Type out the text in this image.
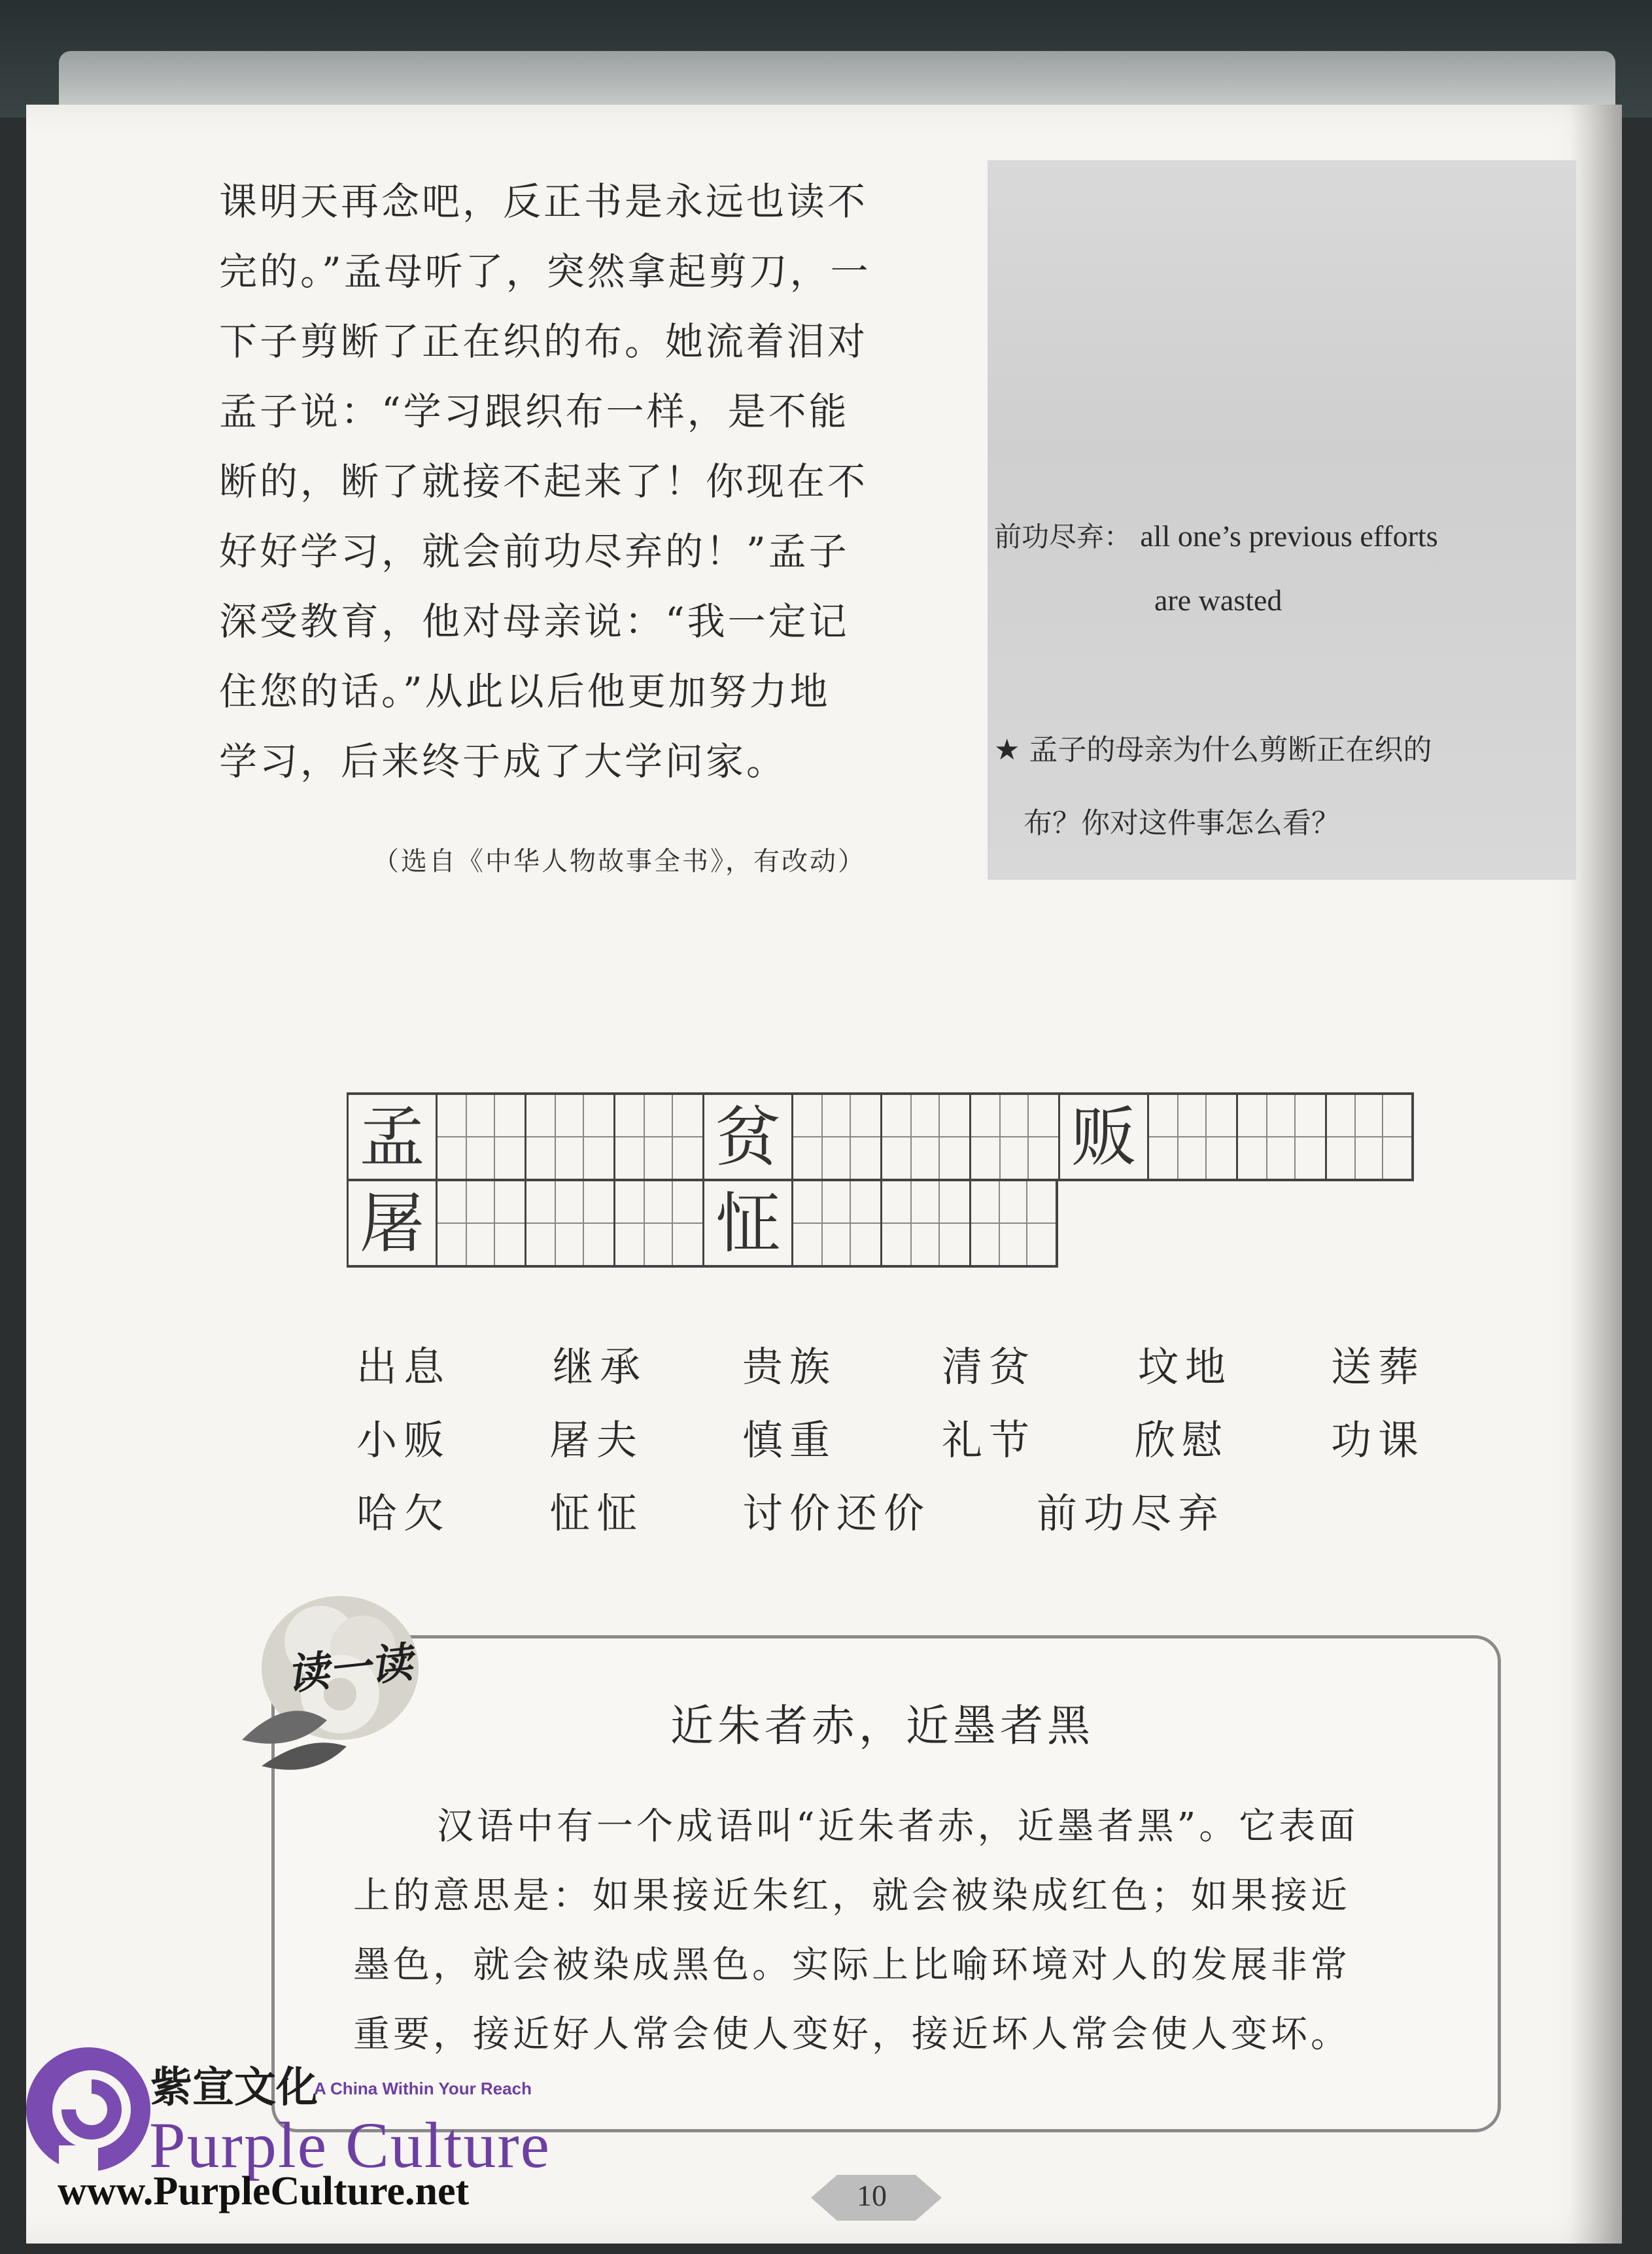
课明天再念吧，反正书是永远也读不

完的。”孟母听了，突然拿起剪刀，一

下子剪断了正在织的布。她流着泪对

孟子说：“学习跟织布一样，是不能

断的，断了就接不起来了！你现在不

好好学习，就会前功尽弃的！”孟子

深受教育，他对母亲说：“我一定记

住您的话。”从此以后他更加努力地

学习，后来终于成了大学问家。

（选自《中华人物故事全书》，有改动）
前功尽弃： all one’s previous efforts
are wasted
★ 孟子的母亲为什么剪断正在织的
布？你对这件事怎么看？
孟	贫	贩
屠	怔
出息	继承 贵族	清贫	坟地 送葬
小贩 屠夫 慎重	礼节 欣慰	功课
哈欠 怔怔 讨价还价	前功尽弃
读一读
近朱者赤，近墨者黑

汉语中有一个成语叫“近朱者赤，近墨者黑”。它表面

上的意思是：如果接近朱红，就会被染成红色；如果接近

墨色，就会被染成黑色。实际上比喻环境对人的发展非常

重要，接近好人常会使人变好，接近坏人常会使人变坏。

紫宣文化
A China Within Your Reach
Purple Culture
www.PurpleCulture.net	10
